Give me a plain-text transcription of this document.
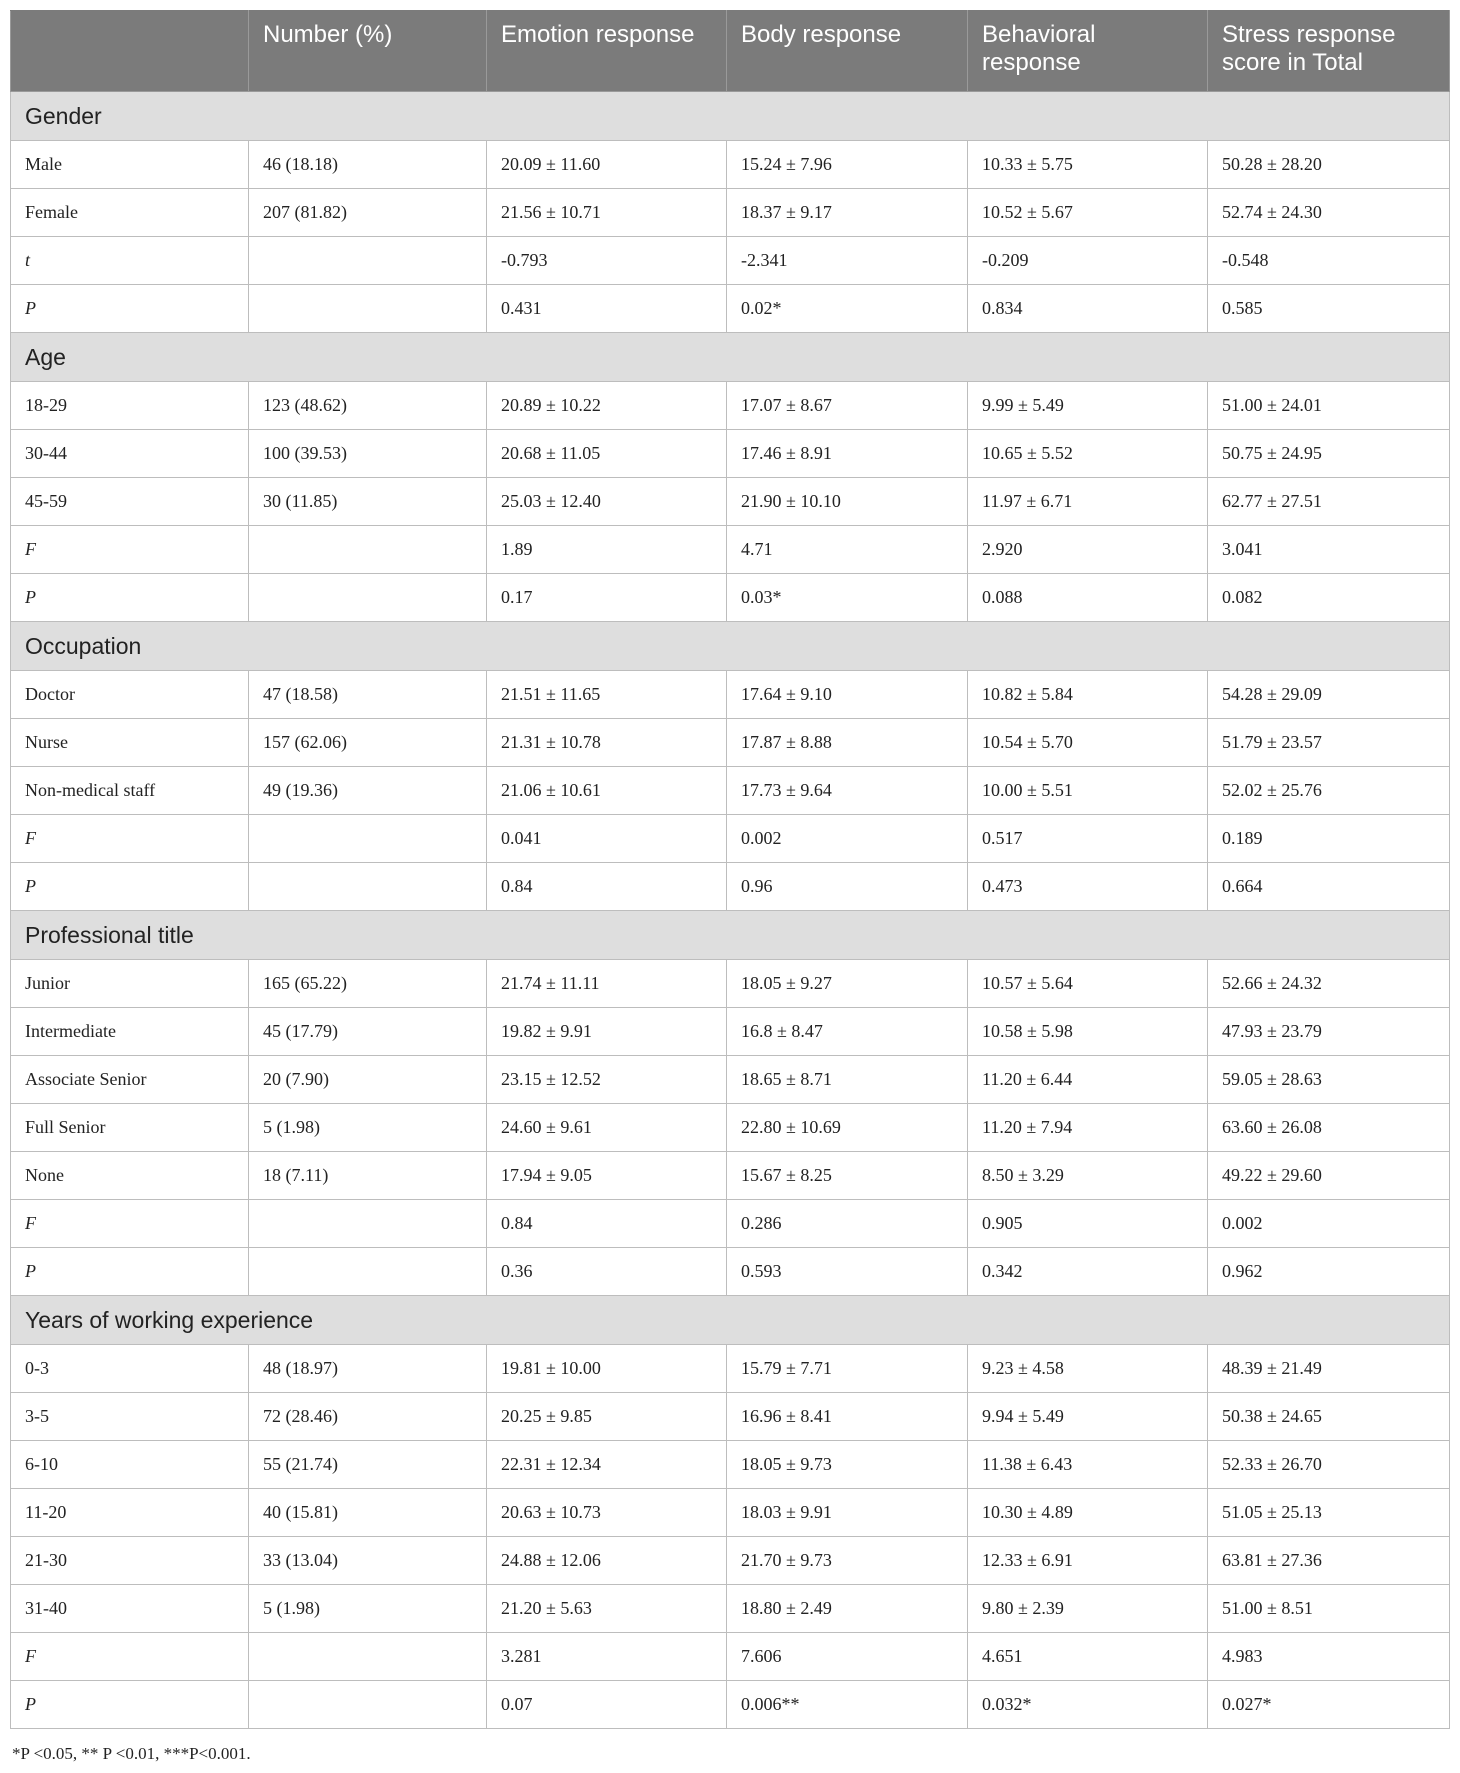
	Number (%)	Emotion response	Body response	Behavioral response	Stress response score in Total
Gender					
Male	46 (18.18)	20.09 ± 11.60	15.24 ± 7.96	10.33 ± 5.75	50.28 ± 28.20
Female	207 (81.82)	21.56 ± 10.71	18.37 ± 9.17	10.52 ± 5.67	52.74 ± 24.30
t		-0.793	-2.341	-0.209	-0.548
P		0.431	0.02*	0.834	0.585
Age					
18-29	123 (48.62)	20.89 ± 10.22	17.07 ± 8.67	9.99 ± 5.49	51.00 ± 24.01
30-44	100 (39.53)	20.68 ± 11.05	17.46 ± 8.91	10.65 ± 5.52	50.75 ± 24.95
45-59	30 (11.85)	25.03 ± 12.40	21.90 ± 10.10	11.97 ± 6.71	62.77 ± 27.51
F		1.89	4.71	2.920	3.041
P		0.17	0.03*	0.088	0.082
Occupation					
Doctor	47 (18.58)	21.51 ± 11.65	17.64 ± 9.10	10.82 ± 5.84	54.28 ± 29.09
Nurse	157 (62.06)	21.31 ± 10.78	17.87 ± 8.88	10.54 ± 5.70	51.79 ± 23.57
Non-medical staff	49 (19.36)	21.06 ± 10.61	17.73 ± 9.64	10.00 ± 5.51	52.02 ± 25.76
F		0.041	0.002	0.517	0.189
P		0.84	0.96	0.473	0.664
Professional title					
Junior	165 (65.22)	21.74 ± 11.11	18.05 ± 9.27	10.57 ± 5.64	52.66 ± 24.32
Intermediate	45 (17.79)	19.82 ± 9.91	16.8 ± 8.47	10.58 ± 5.98	47.93 ± 23.79
Associate Senior	20 (7.90)	23.15 ± 12.52	18.65 ± 8.71	11.20 ± 6.44	59.05 ± 28.63
Full Senior	5 (1.98)	24.60 ± 9.61	22.80 ± 10.69	11.20 ± 7.94	63.60 ± 26.08
None	18 (7.11)	17.94 ± 9.05	15.67 ± 8.25	8.50 ± 3.29	49.22 ± 29.60
F		0.84	0.286	0.905	0.002
P		0.36	0.593	0.342	0.962
Years of working experience					
0-3	48 (18.97)	19.81 ± 10.00	15.79 ± 7.71	9.23 ± 4.58	48.39 ± 21.49
3-5	72 (28.46)	20.25 ± 9.85	16.96 ± 8.41	9.94 ± 5.49	50.38 ± 24.65
6-10	55 (21.74)	22.31 ± 12.34	18.05 ± 9.73	11.38 ± 6.43	52.33 ± 26.70
11-20	40 (15.81)	20.63 ± 10.73	18.03 ± 9.91	10.30 ± 4.89	51.05 ± 25.13
21-30	33 (13.04)	24.88 ± 12.06	21.70 ± 9.73	12.33 ± 6.91	63.81 ± 27.36
31-40	5 (1.98)	21.20 ± 5.63	18.80 ± 2.49	9.80 ± 2.39	51.00 ± 8.51
F		3.281	7.606	4.651	4.983
P		0.07	0.006**	0.032*	0.027*
*P <0.05, ** P <0.01, ***P<0.001.
